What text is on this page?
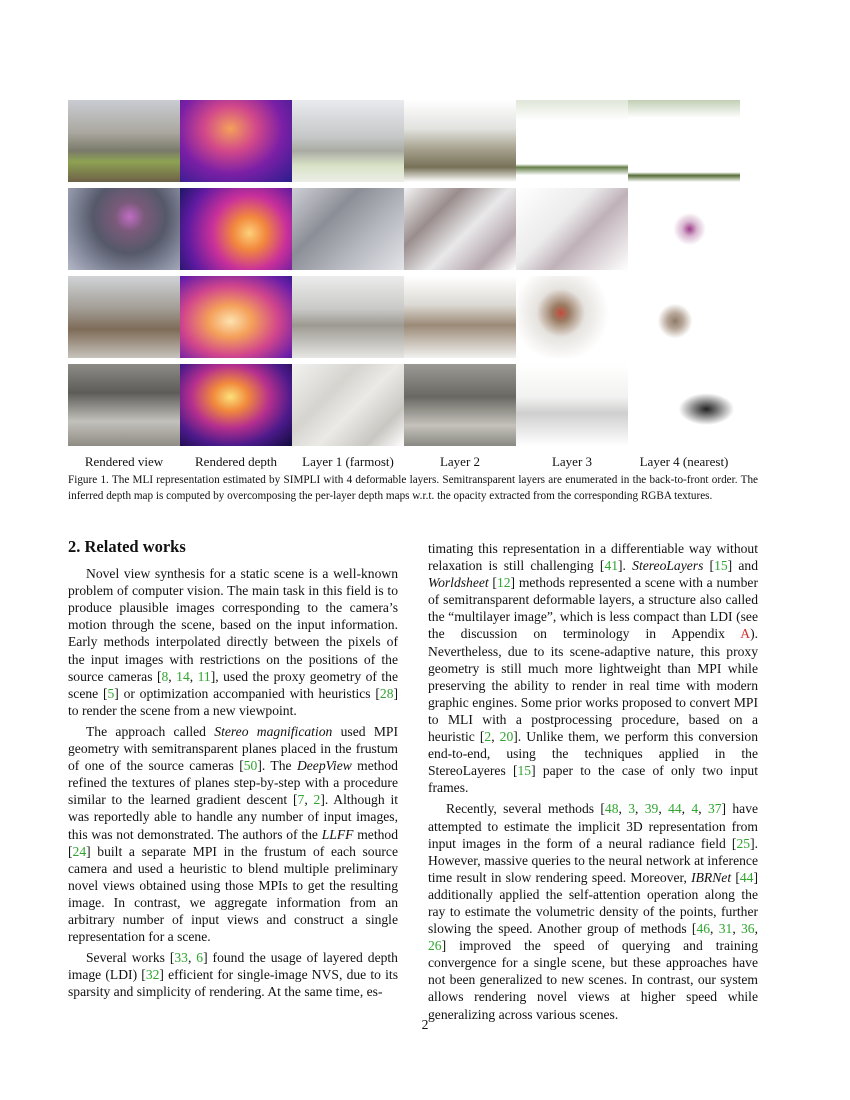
Rendered view	Rendered depth	Layer 1 (farmost)	Layer 2	Layer 3	Layer 4 (nearest)
Figure 1. The MLI representation estimated by SIMPLI with 4 deformable layers. Semitransparent layers are enumerated in the back-to-front order. The inferred depth map is computed by overcomposing the per-layer depth maps w.r.t. the opacity extracted from the corresponding RGBA textures.
2. Related works

Novel view synthesis for a static scene is a well-known problem of computer vision. The main task in this field is to produce plausible images corresponding to the camera’s motion through the scene, based on the input information. Early methods interpolated directly between the pixels of the input images with restrictions on the positions of the source cameras [8, 14, 11], used the proxy geometry of the scene [5] or optimization accompanied with heuristics [28] to render the scene from a new viewpoint.

The approach called Stereo magnification used MPI geometry with semitransparent planes placed in the frustum of one of the source cameras [50]. The DeepView method refined the textures of planes step-by-step with a procedure similar to the learned gradient descent [7, 2]. Although it was reportedly able to handle any number of input images, this was not demonstrated. The authors of the LLFF method [24] built a separate MPI in the frustum of each source camera and used a heuristic to blend multiple preliminary novel views obtained using those MPIs to get the resulting image. In contrast, we aggregate information from an arbitrary number of input views and construct a single representation for a scene.

Several works [33, 6] found the usage of layered depth image (LDI) [32] efficient for single-image NVS, due to its sparsity and simplicity of rendering. At the same time, es-

timating this representation in a differentiable way without relaxation is still challenging [41]. StereoLayers [15] and Worldsheet [12] methods represented a scene with a number of semitransparent deformable layers, a structure also called the “multilayer image”, which is less compact than LDI (see the discussion on terminology in Appendix A). Nevertheless, due to its scene-adaptive nature, this proxy geometry is still much more lightweight than MPI while preserving the ability to render in real time with modern graphic engines. Some prior works proposed to convert MPI to MLI with a postprocessing procedure, based on a heuristic [2, 20]. Unlike them, we perform this conversion end-to-end, using the techniques applied in the StereoLayeres [15] paper to the case of only two input frames.

Recently, several methods [48, 3, 39, 44, 4, 37] have attempted to estimate the implicit 3D representation from input images in the form of a neural radiance field [25]. However, massive queries to the neural network at inference time result in slow rendering speed. Moreover, IBRNet [44] additionally applied the self-attention operation along the ray to estimate the volumetric density of the points, further slowing the speed. Another group of methods [46, 31, 36, 26] improved the speed of querying and training convergence for a single scene, but these approaches have not been generalized to new scenes. In contrast, our system allows rendering novel views at higher speed while generalizing across various scenes.

2
